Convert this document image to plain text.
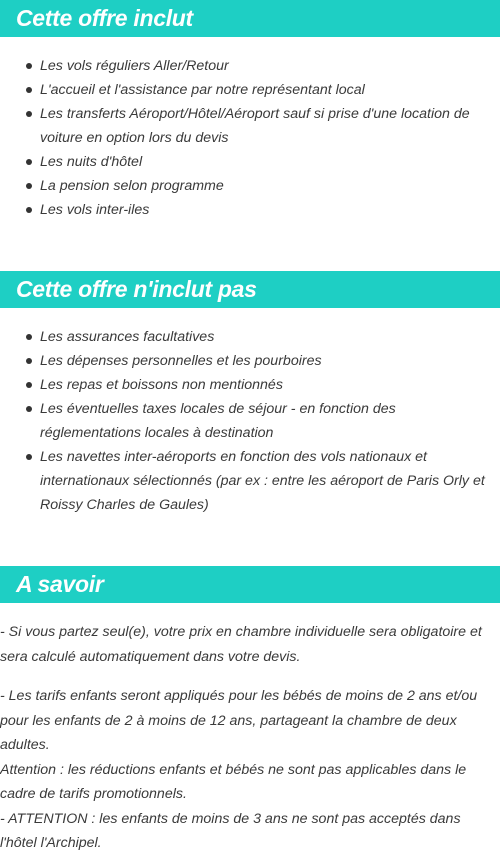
Cette offre inclut
Les vols réguliers Aller/Retour
L'accueil et l'assistance par notre représentant local
Les transferts Aéroport/Hôtel/Aéroport sauf si prise d'une location de voiture en option lors du devis
Les nuits d'hôtel
La pension selon programme
Les vols inter-iles
Cette offre n'inclut pas
Les assurances facultatives
Les dépenses personnelles et les pourboires
Les repas et boissons non mentionnés
Les éventuelles taxes locales de séjour - en fonction des réglementations locales à destination
Les navettes inter-aéroports en fonction des vols nationaux et internationaux sélectionnés (par ex : entre les aéroport de Paris Orly et Roissy Charles de Gaules)
A savoir
- Si vous partez seul(e), votre prix en chambre individuelle sera obligatoire et sera calculé automatiquement dans votre devis.
- Les tarifs enfants seront appliqués pour les bébés de moins de 2 ans et/ou pour les enfants de 2 à moins de 12 ans, partageant la chambre de deux adultes.
Attention : les réductions enfants et bébés ne sont pas applicables dans le cadre de tarifs promotionnels.
- ATTENTION : les enfants de moins de 3 ans ne sont pas acceptés dans l'hôtel l'Archipel.
